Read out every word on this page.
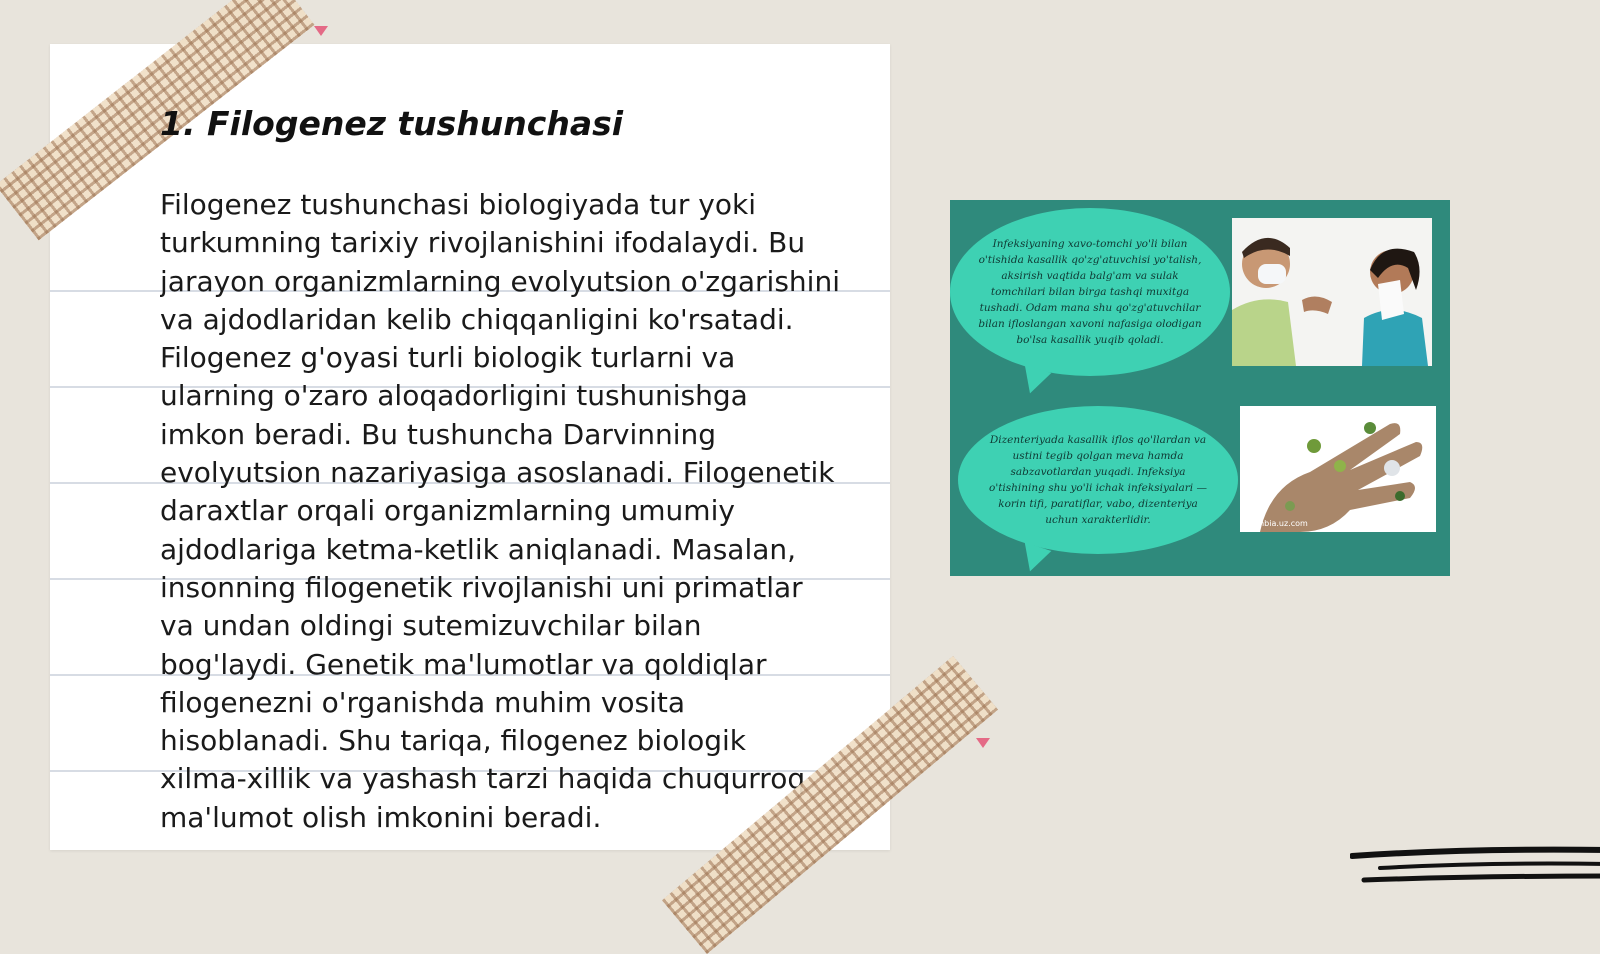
1. Filogenez tushunchasi

Filogenez tushunchasi biologiyada tur yoki turkumning tarixiy rivojlanishini ifodalaydi. Bu jarayon organizmlarning evolyutsion o'zgarishini va ajdodlaridan kelib chiqqanligini ko'rsatadi. Filogenez g'oyasi turli biologik turlarni va ularning o'zaro aloqadorligini tushunishga imkon beradi. Bu tushuncha Darvinning evolyutsion nazariyasiga asoslanadi. Filogenetik daraxtlar orqali organizmlarning umumiy ajdodlariga ketma-ketlik aniqlanadi. Masalan, insonning filogenetik rivojlanishi uni primatlar va undan oldingi sutemizuvchilar bilan bog'laydi. Genetik ma'lumotlar va qoldiqlar filogenezni o'rganishda muhim vosita hisoblanadi. Shu tariqa, filogenez biologik xilma-xillik va yashash tarzi haqida chuqurroq ma'lumot olish imkonini beradi.

Infeksiyaning xavo-tomchi yo'li bilan o'tishida kasallik qo'zg'atuvchisi yo'talish, aksirish vaqtida balg'am va sulak tomchilari bilan birga tashqi muxitga tushadi. Odam mana shu qo'zg'atuvchilar bilan ifloslangan xavoni nafasiga olodigan bo'lsa kasallik yuqib qoladi.
Dizenteriyada kasallik iflos qo'llardan va ustini tegib qolgan meva hamda sabzavotlardan yuqadi. Infeksiya o'tishining shu yo'li ichak infeksiyalari — korin tifi, paratiflar, vabo, dizenteriya uchun xarakterlidir.	Zambia.uz.com
